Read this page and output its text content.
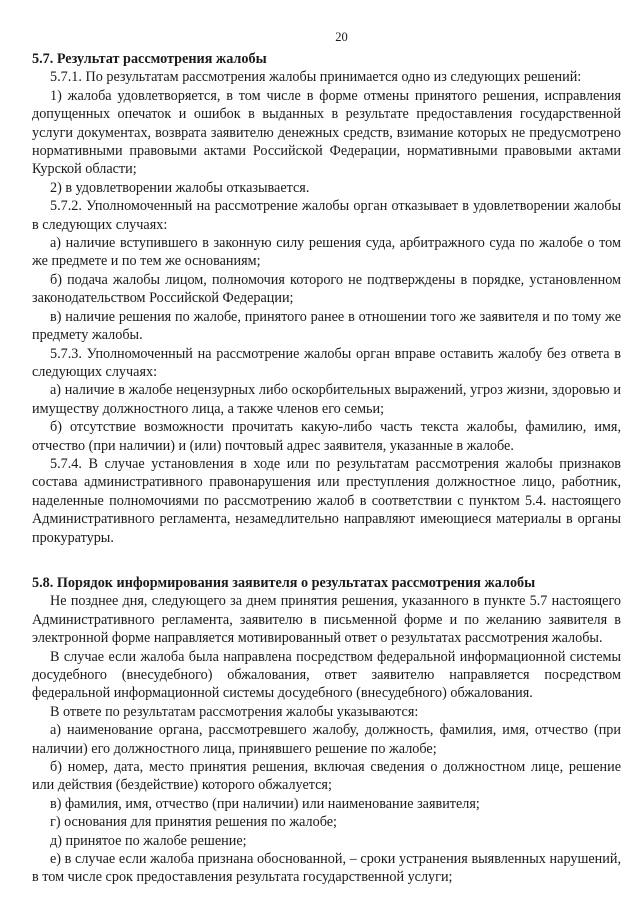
20
5.7. Результат рассмотрения жалобы

5.7.1. По результатам рассмотрения жалобы принимается одно из следующих решений:

1) жалоба удовлетворяется, в том числе в форме отмены принятого решения, исправления допущенных опечаток и ошибок в выданных в результате предоставления государственной услуги документах, возврата заявителю денежных средств, взимание которых не предусмотрено нормативными правовыми актами Российской Федерации, нормативными правовыми актами Курской области;

2) в удовлетворении жалобы отказывается.

5.7.2. Уполномоченный на рассмотрение жалобы орган отказывает в удовлетворении жалобы в следующих случаях:

а) наличие вступившего в законную силу решения суда, арбитражного суда по жалобе о том же предмете и по тем же основаниям;

б) подача жалобы лицом, полномочия которого не подтверждены в порядке, установленном законодательством Российской Федерации;

в) наличие решения по жалобе, принятого ранее в отношении того же заявителя и по тому же предмету жалобы.

5.7.3. Уполномоченный на рассмотрение жалобы орган вправе оставить жалобу без ответа в следующих случаях:

а) наличие в жалобе нецензурных либо оскорбительных выражений, угроз жизни, здоровью и имуществу должностного лица, а также членов его семьи;

б) отсутствие возможности прочитать какую-либо часть текста жалобы, фамилию, имя, отчество (при наличии) и (или) почтовый адрес заявителя, указанные в жалобе.

5.7.4. В случае установления в ходе или по результатам рассмотрения жалобы признаков состава административного правонарушения или преступления должностное лицо, работник, наделенные полномочиями по рассмотрению жалоб в соответствии с пунктом 5.4. настоящего Административного регламента, незамедлительно направляют имеющиеся материалы в органы прокуратуры.

5.8. Порядок информирования заявителя о результатах рассмотрения жалобы

Не позднее дня, следующего за днем принятия решения, указанного в пункте 5.7 настоящего Административного регламента, заявителю в письменной форме и по желанию заявителя в электронной форме направляется мотивированный ответ о результатах рассмотрения жалобы.

В случае если жалоба была направлена посредством федеральной информационной системы досудебного (внесудебного) обжалования, ответ заявителю направляется посредством федеральной информационной системы досудебного (внесудебного) обжалования.

В ответе по результатам рассмотрения жалобы указываются:

а) наименование органа, рассмотревшего жалобу, должность, фамилия, имя, отчество (при наличии) его должностного лица, принявшего решение по жалобе;

б) номер, дата, место принятия решения, включая сведения о должностном лице, решение или действия (бездействие) которого обжалуется;

в) фамилия, имя, отчество (при наличии) или наименование заявителя;

г) основания для принятия решения по жалобе;

д) принятое по жалобе решение;

е) в случае если жалоба признана обоснованной, – сроки устранения выявленных нарушений, в том числе срок предоставления результата государственной услуги;
